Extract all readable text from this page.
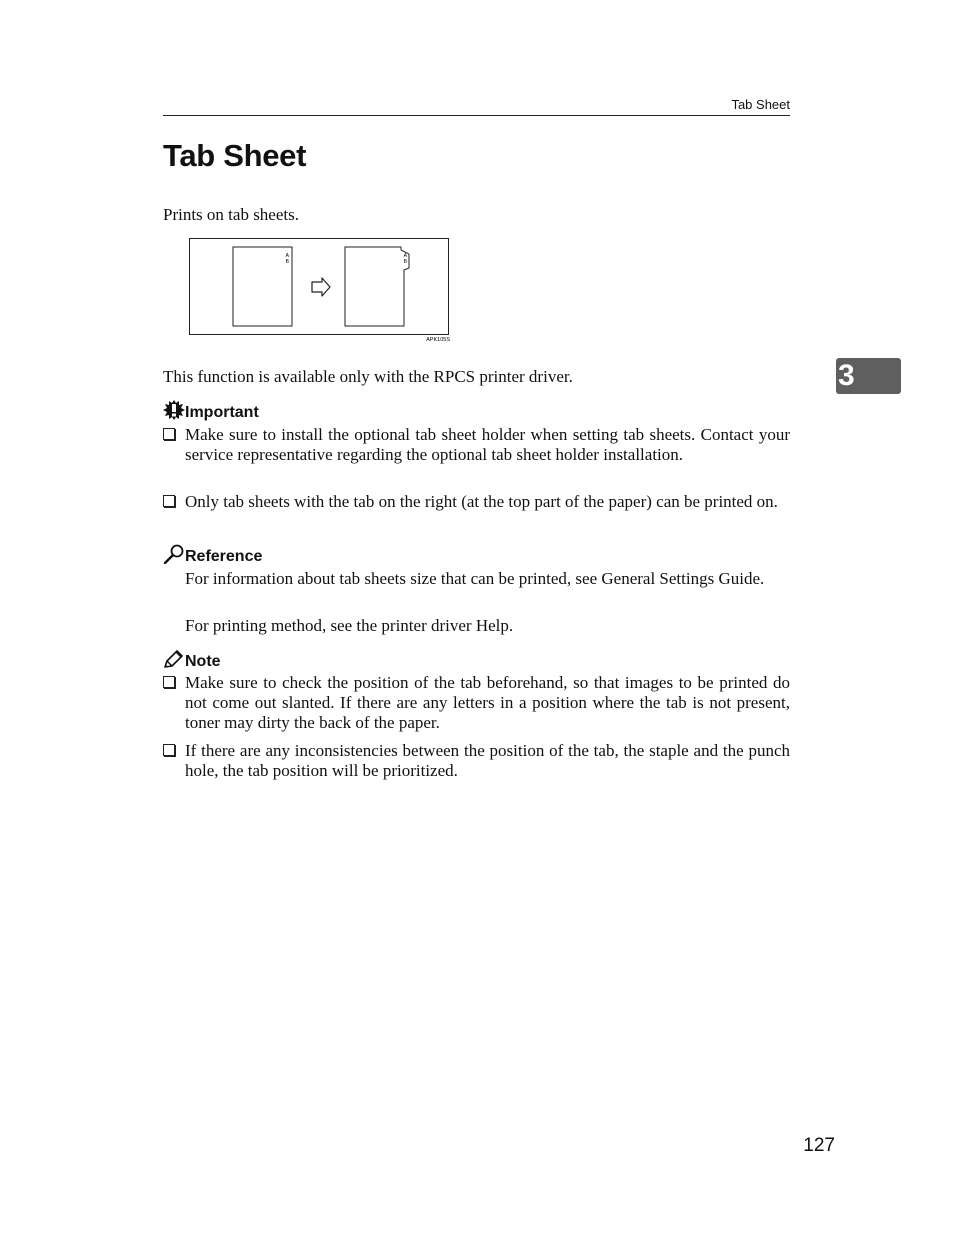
Tab Sheet
Tab Sheet

Prints on tab sheets.

A
B
A
B
APK105S

This function is available only with the RPCS printer driver.	3
Important
Make sure to install the optional tab sheet holder when setting tab sheets. Contact your service representative regarding the optional tab sheet holder installation.
Only tab sheets with the tab on the right (at the top part of the paper) can be printed on.
Reference
For information about tab sheets size that can be printed, see General Settings Guide.
For printing method, see the printer driver Help.
Note
Make sure to check the position of the tab beforehand, so that images to be printed do not come out slanted. If there are any letters in a position where the tab is not present, toner may dirty the back of the paper.
If there are any inconsistencies between the position of the tab, the staple and the punch hole, the tab position will be prioritized.
127
